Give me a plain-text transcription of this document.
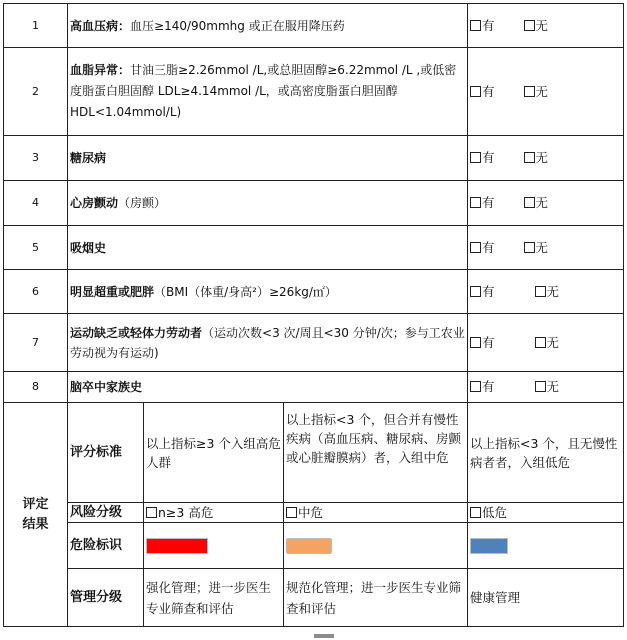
1	高血压病：血压≥140/90mmhg 或正在服用降压药			有 无
2	血脂异常：甘油三脂≥2.26mmol /L,或总胆固醇≥6.22mmol /L ,或低密度脂蛋白胆固醇 LDL≥4.14mmol /L，或高密度脂蛋白胆固醇 HDL<1.04mmol/L)			有 无
3	糖尿病			有 无
4	心房颤动（房颤）			有 无
5	吸烟史			有 无
6	明显超重或肥胖（BMI（体重/身高²）≥26kg/㎡）			有 无
7	运动缺乏或轻体力劳动者（运动次数<3 次/周且<30 分钟/次；参与工农业劳动视为有运动)			有 无
8	脑卒中家族史			有 无
评定
结果	评分标准	以上指标≥3 个入组高危人群	以上指标<3 个，但合并有慢性疾病（高血压病、糖尿病、房颤或心脏瓣膜病）者，入组中危	以上指标<3 个，且无慢性病者者，入组低危
	风险分级	n≥3 高危	中危	低危
	危险标识			
	管理分级	强化管理；进一步医生专业筛查和评估	规范化管理；进一步医生专业筛查和评估	健康管理
